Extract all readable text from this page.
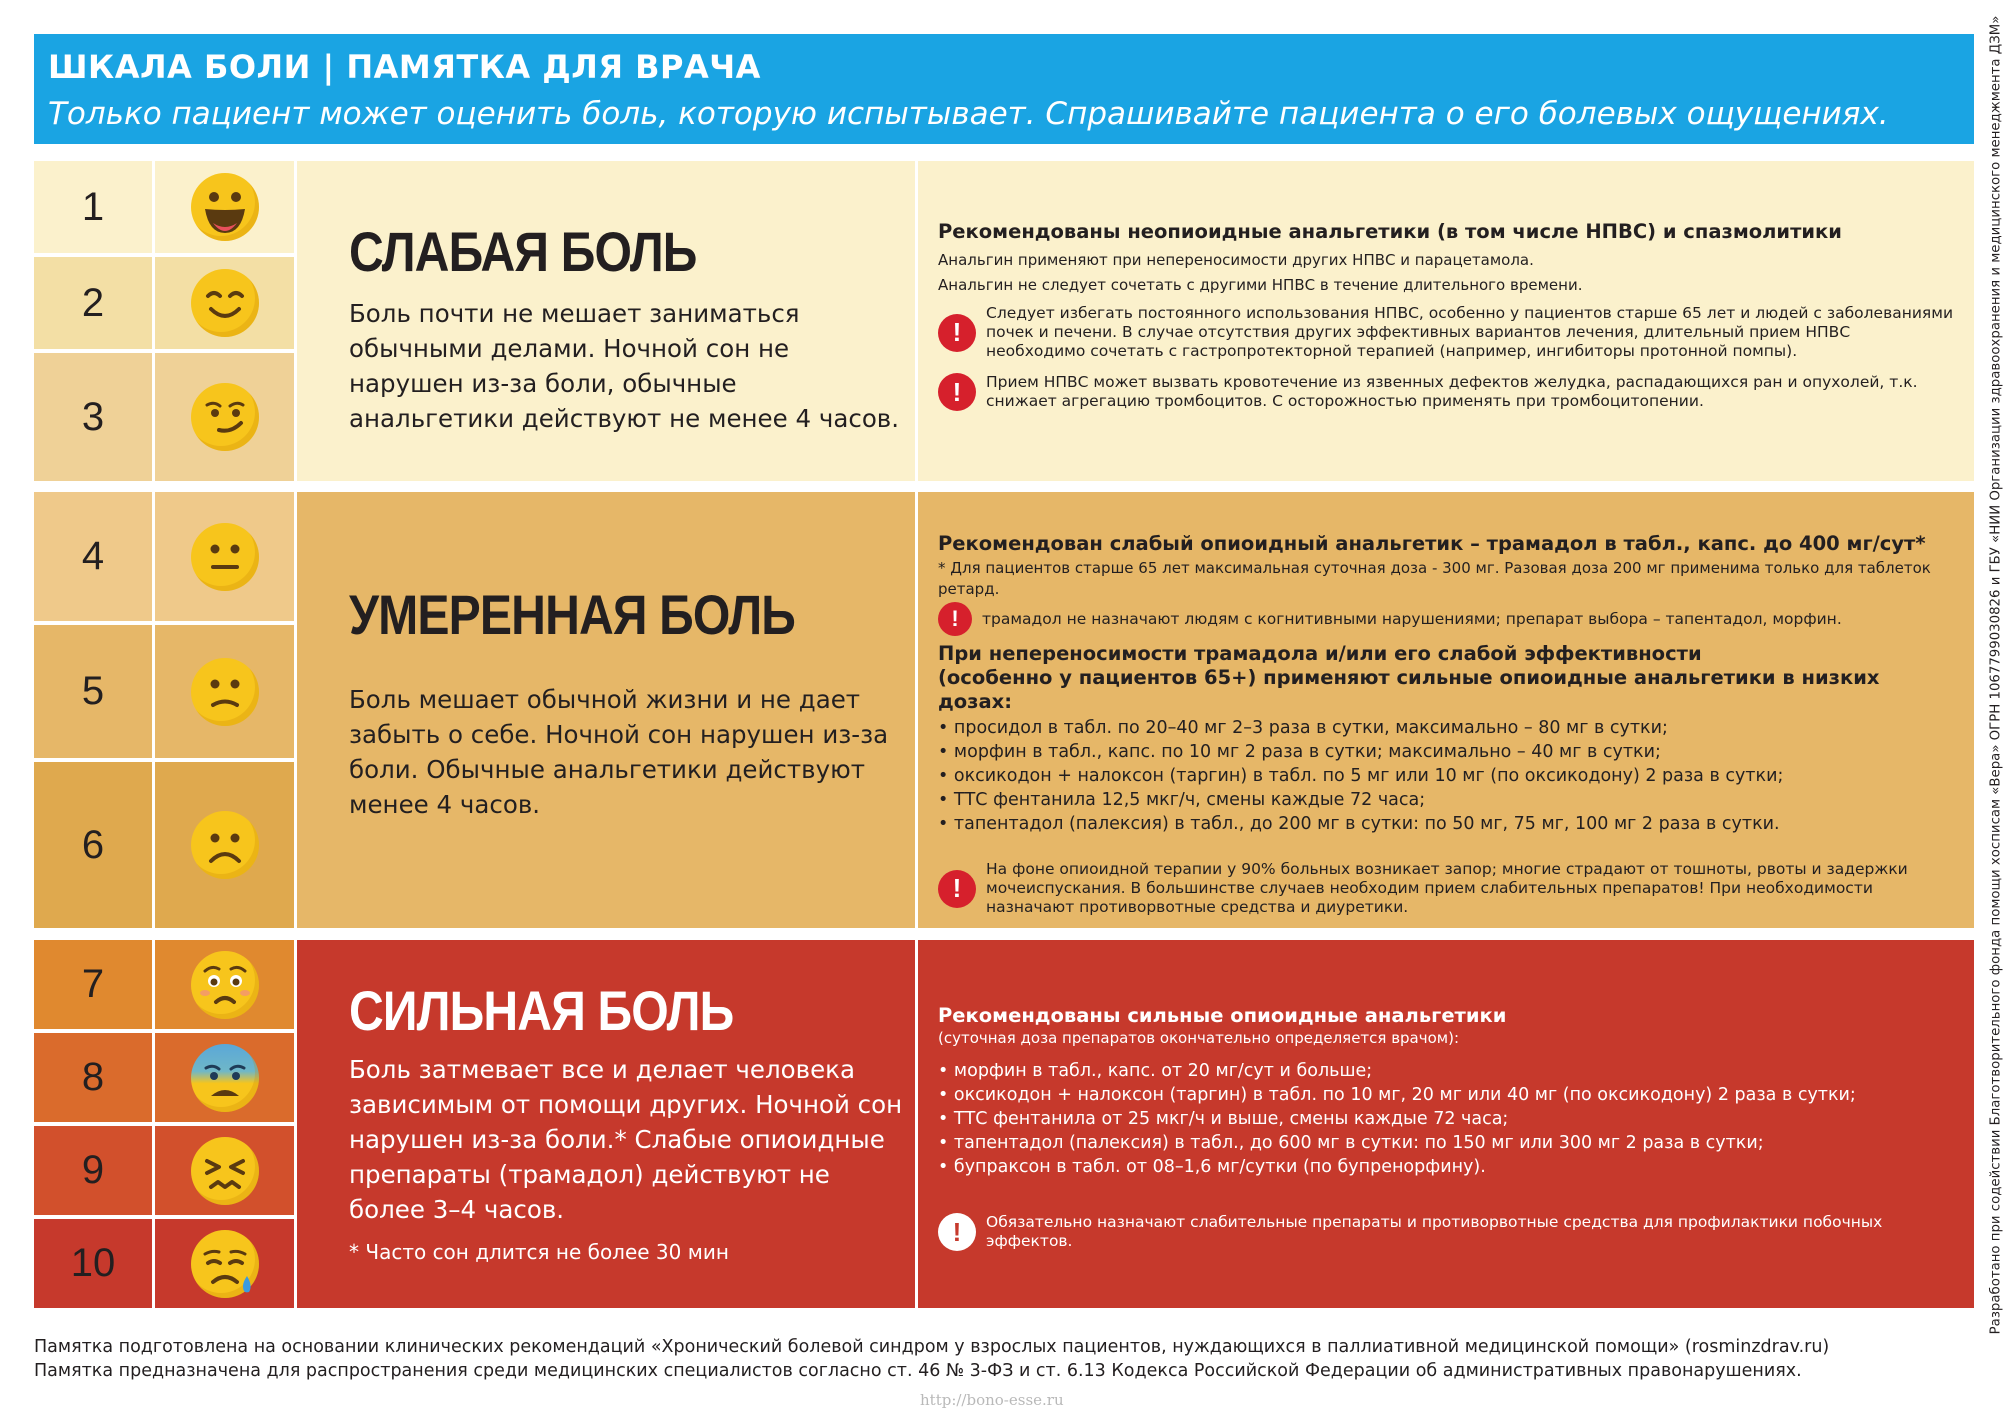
ШКАЛА БОЛИ | ПАМЯТКА ДЛЯ ВРАЧА
Только пациент может оценить боль, которую испытывает. Спрашивайте пациента о его болевых ощущениях.	Разработано при содействии Благотворительного фонда помощи хосписам «Вера» ОГРН 1067799030826 и ГБУ «НИИ Организации здравоохранения и медицинского менеджмента ДЗМ»
1
2
3
СЛАБАЯ БОЛЬ
Боль почти не мешает заниматься обычными делами. Ночной сон не нарушен из-за боли, обычные анальгетики действуют не менее 4 часов.
Рекомендованы неопиоидные анальгетики (в том числе НПВС) и спазмолитики
Анальгин применяют при непереносимости других НПВС и парацетамола.
Анальгин не следует сочетать с другими НПВС в течение длительного времени.
!
Следует избегать постоянного использования НПВС, особенно у пациентов старше 65 лет и людей с заболеваниями почек и печени. В случае отсутствия других эффективных вариантов лечения, длительный прием НПВС необходимо сочетать с гастропротекторной терапией (например, ингибиторы протонной помпы).
!	Прием НПВС может вызвать кровотечение из язвенных дефектов желудка, распадающихся ран и опухолей, т.к. снижает агрегацию тромбоцитов. С осторожностью применять при тромбоцитопении.
4
5
6
УМЕРЕННАЯ БОЛЬ
Боль мешает обычной жизни и не дает забыть о себе. Ночной сон нарушен из-за боли. Обычные анальгетики действуют менее 4 часов.
Рекомендован слабый опиоидный анальгетик – трамадол в табл., капс. до 400 мг/сут*
* Для пациентов старше 65 лет максимальная суточная доза - 300 мг. Разовая доза 200 мг применима только для таблеток ретард.
!	трамадол не назначают людям с когнитивными нарушениями; препарат выбора – тапентадол, морфин.
При непереносимости трамадола и/или его слабой эффективности
(особенно у пациентов 65+) применяют сильные опиоидные анальгетики в низких дозах:
• просидол в табл. по 20–40 мг 2–3 раза в сутки, максимально – 80 мг в сутки;
• морфин в табл., капс. по 10 мг 2 раза в сутки; максимально – 40 мг в сутки;
• оксикодон + налоксон (таргин) в табл. по 5 мг или 10 мг (по оксикодону) 2 раза в сутки;
• ТТС фентанила 12,5 мкг/ч, смены каждые 72 часа;
• тапентадол (палексия) в табл., до 200 мг в сутки: по 50 мг, 75 мг, 100 мг 2 раза в сутки.
!
На фоне опиоидной терапии у 90% больных возникает запор; многие страдают от тошноты, рвоты и задержки мочеиспускания. В большинстве случаев необходим прием слабительных препаратов! При необходимости назначают противорвотные средства и диуретики.
7
8
9
10
СИЛЬНАЯ БОЛЬ
Боль затмевает все и делает человека зависимым от помощи других. Ночной сон нарушен из-за боли.* Слабые опиоидные препараты (трамадол) действуют не более 3–4 часов.
* Часто сон длится не более 30 мин
Рекомендованы сильные опиоидные анальгетики
(суточная доза препаратов окончательно определяется врачом):
• морфин в табл., капс. от 20 мг/сут и больше;
• оксикодон + налоксон (таргин) в табл. по 10 мг, 20 мг или 40 мг (по оксикодону) 2 раза в сутки;
• ТТС фентанила от 25 мкг/ч и выше, смены каждые 72 часа;
• тапентадол (палексия) в табл., до 600 мг в сутки: по 150 мг или 300 мг 2 раза в сутки;
• бупраксон в табл. от 08–1,6 мг/сутки (по бупренорфину).
!	Обязательно назначают слабительные препараты и противорвотные средства для профилактики побочных эффектов.
Памятка подготовлена на основании клинических рекомендаций «Хронический болевой синдром у взрослых пациентов, нуждающихся в паллиативной медицинской помощи» (rosminzdrav.ru)
Памятка предназначена для распространения среди медицинских специалистов согласно ст. 46 № 3-ФЗ и ст. 6.13 Кодекса Российской Федерации об административных правонарушениях.
http://bono-esse.ru
